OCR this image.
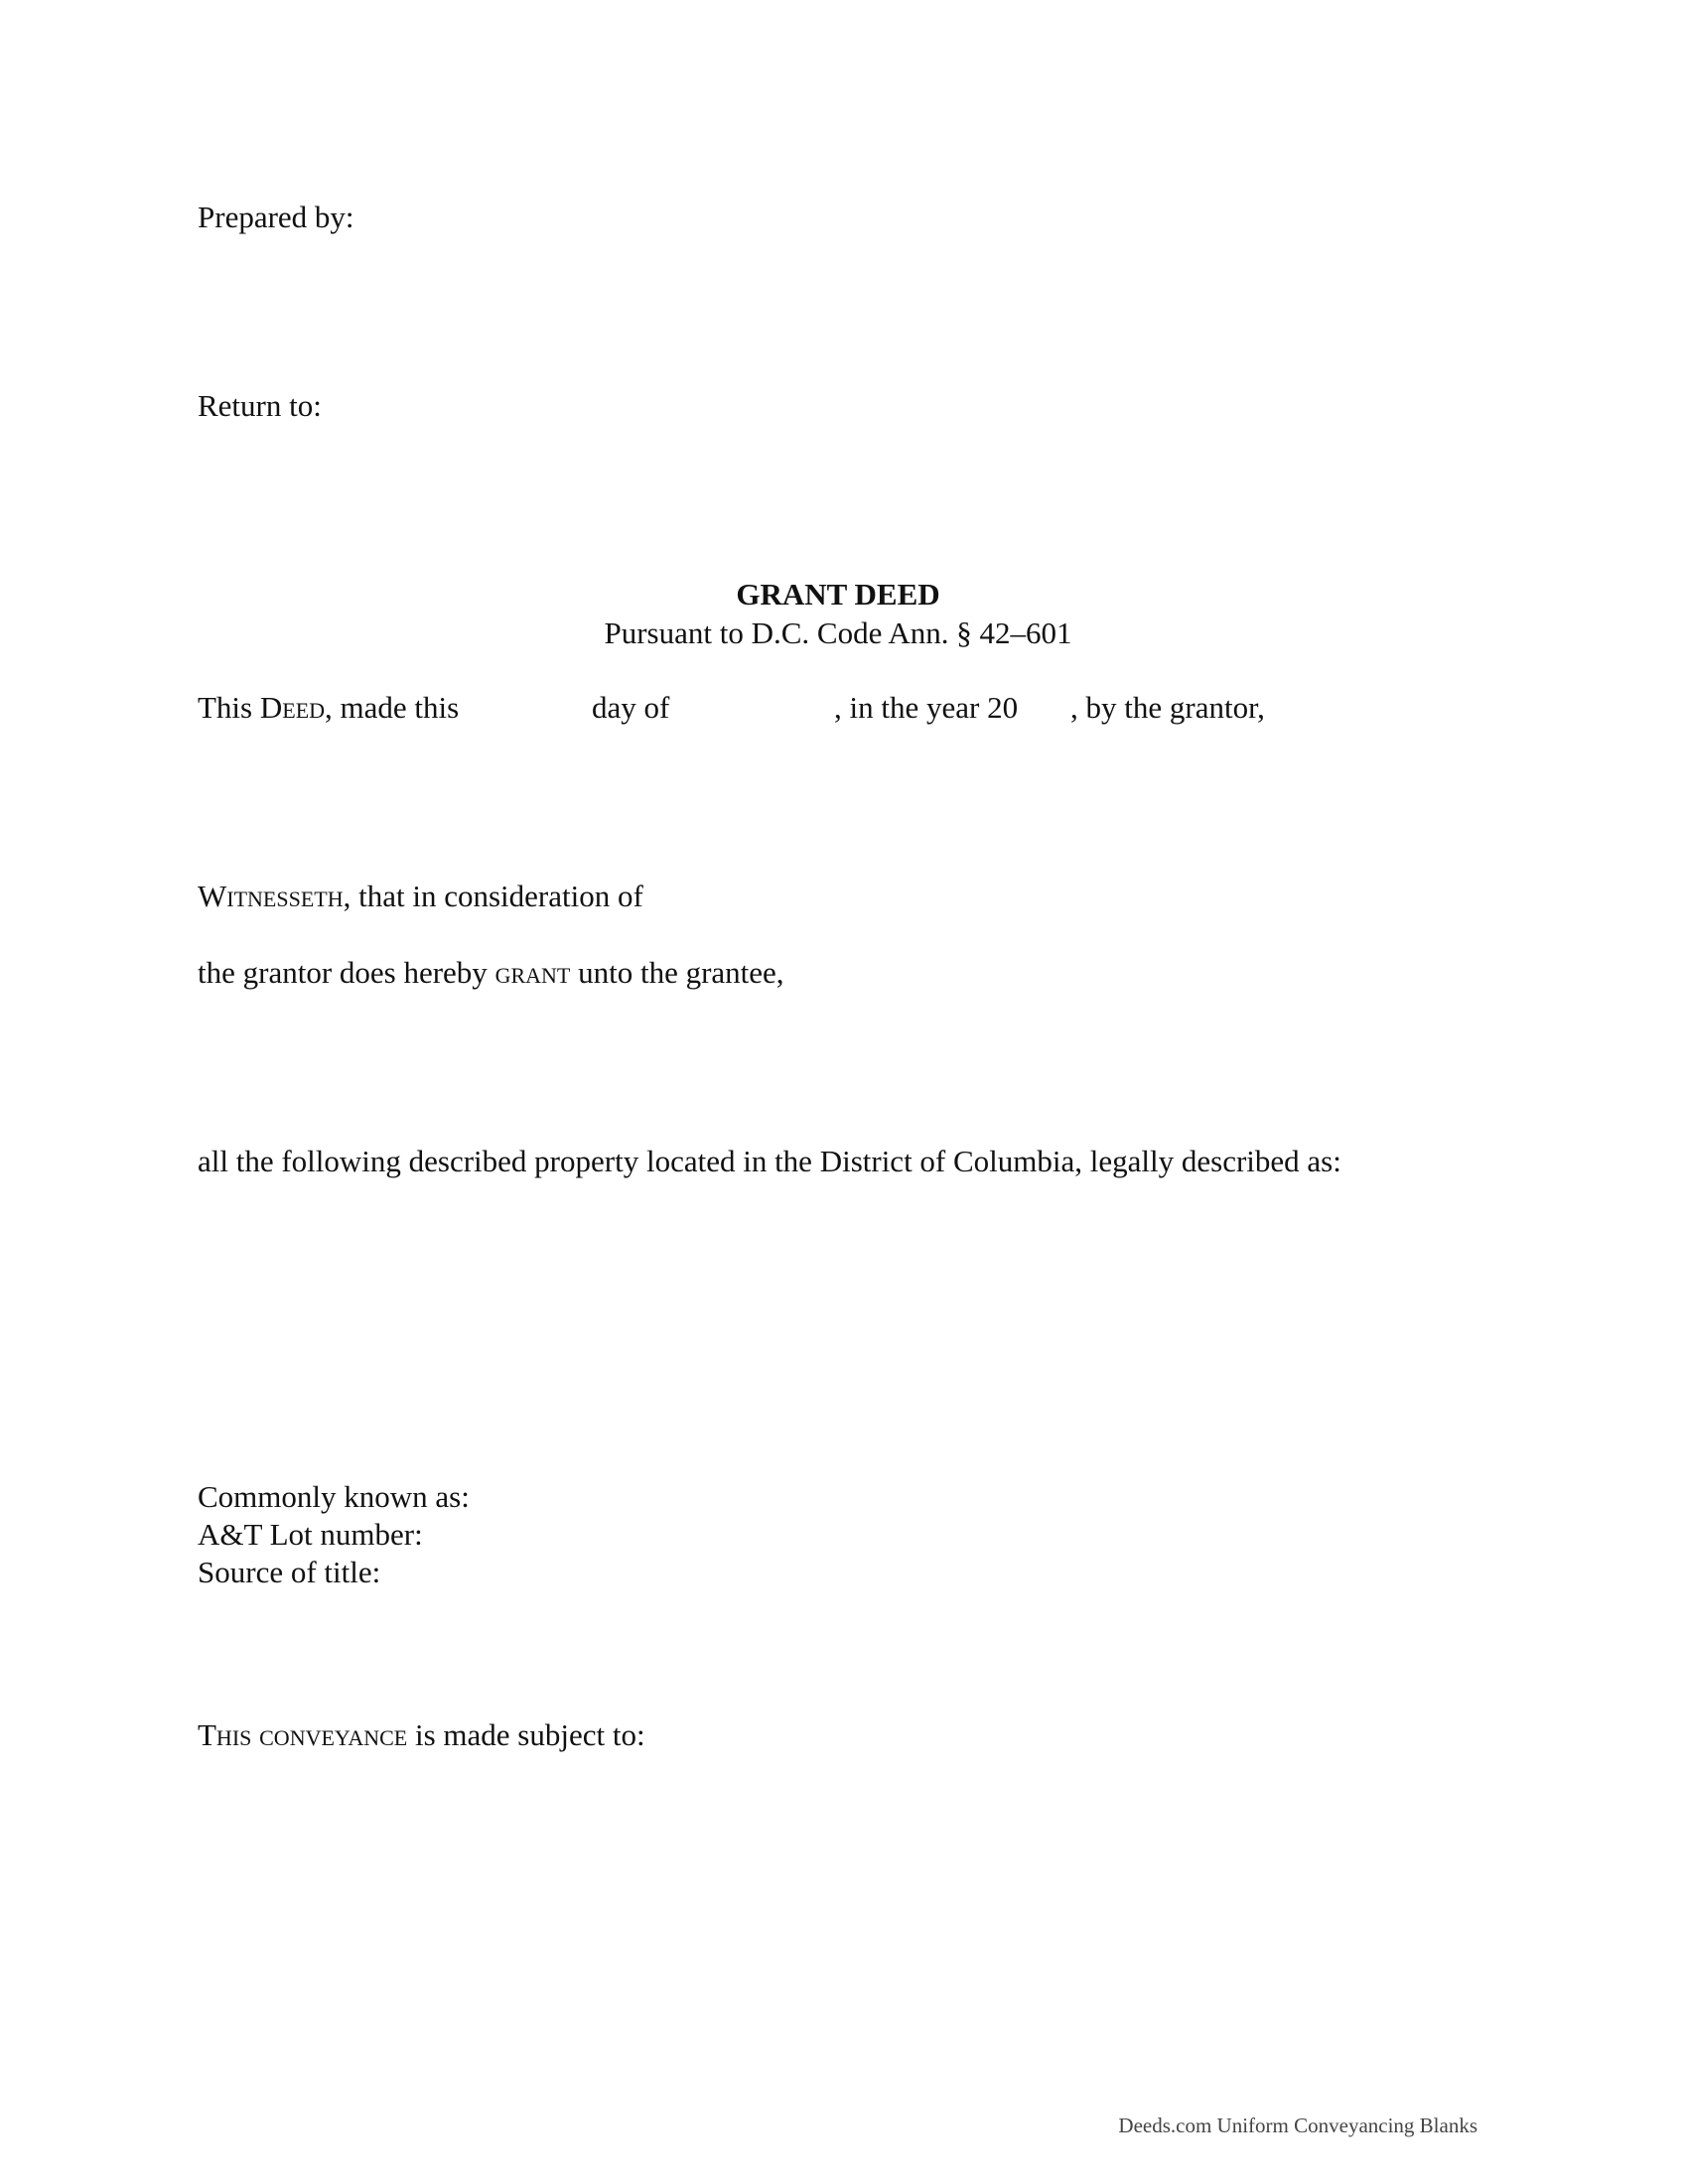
Prepared by:
Return to:
GRANT DEED
Pursuant to D.C. Code Ann. § 42–601
This Deed, made this	day of	, in the year 20 , by the grantor,
Witnesseth, that in consideration of
the grantor does hereby grant unto the grantee,
all the following described property located in the District of Columbia, legally described as:
Commonly known as:
A&T Lot number:
Source of title:
This conveyance is made subject to:
Deeds.com Uniform Conveyancing Blanks
